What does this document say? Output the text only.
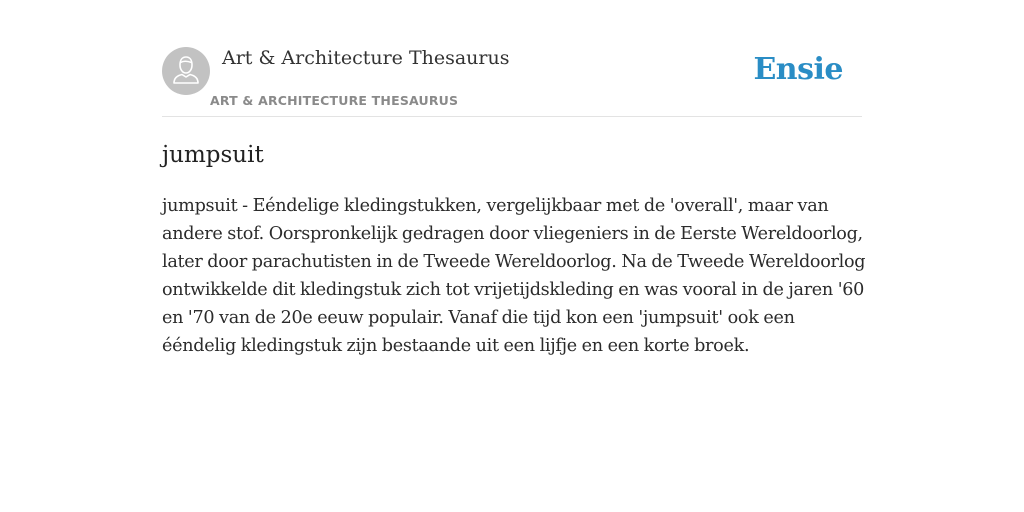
Art & Architecture Thesaurus
ART & ARCHITECTURE THESAURUS
Ensie
jumpsuit

jumpsuit - Eéndelige kledingstukken, vergelijkbaar met de 'overall', maar van andere stof. Oorspronkelijk gedragen door vliegeniers in de Eerste Wereldoorlog, later door parachutisten in de Tweede Wereldoorlog. Na de Tweede Wereldoorlog ontwikkelde dit kledingstuk zich tot vrijetijdskleding en was vooral in de jaren '60 en '70 van de 20e eeuw populair. Vanaf die tijd kon een 'jumpsuit' ook een ééndelig kledingstuk zijn bestaande uit een lijfje en een korte broek.
